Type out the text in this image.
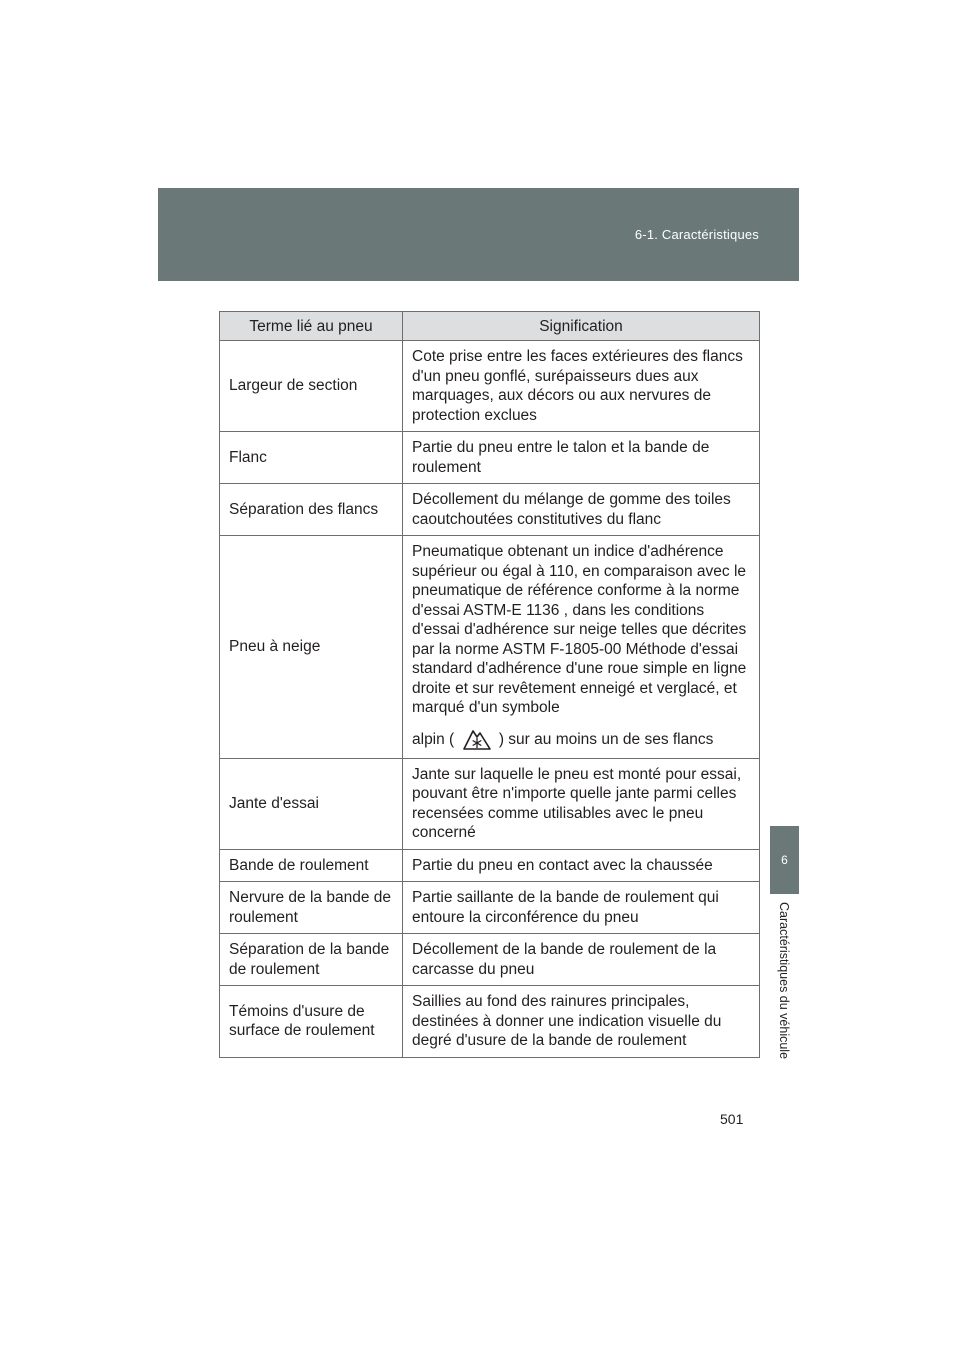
6-1. Caractéristiques
6
Caractéristiques du véhicule
Terme lié au pneu	Signification
Largeur de section	Cote prise entre les faces extérieures des flancs d'un pneu gonflé, surépaisseurs dues aux marquages, aux décors ou aux nervures de protection exclues
Flanc	Partie du pneu entre le talon et la bande de roulement
Séparation des flancs	Décollement du mélange de gomme des toiles caoutchoutées constitutives du flanc
Pneu à neige	Pneumatique obtenant un indice d'adhérence supérieur ou égal à 110, en comparaison avec le pneumatique de référence conforme à la norme d'essai ASTM-E 1136 , dans les conditions d'essai d'adhérence sur neige telles que décrites par la norme ASTM F-1805-00 Méthode d'essai standard d'adhérence d'une roue simple en ligne droite et sur revêtement enneigé et verglacé, et marqué d'un symbole
alpin ( ) sur au moins un de ses flancs
Jante d'essai	Jante sur laquelle le pneu est monté pour essai, pouvant être n'importe quelle jante parmi celles recensées comme utilisables avec le pneu concerné
Bande de roulement	Partie du pneu en contact avec la chaussée
Nervure de la bande de roulement	Partie saillante de la bande de roulement qui entoure la circonférence du pneu
Séparation de la bande de roulement	Décollement de la bande de roulement de la carcasse du pneu
Témoins d'usure de surface de roulement	Saillies au fond des rainures principales, destinées à donner une indication visuelle du degré d'usure de la bande de roulement
501
